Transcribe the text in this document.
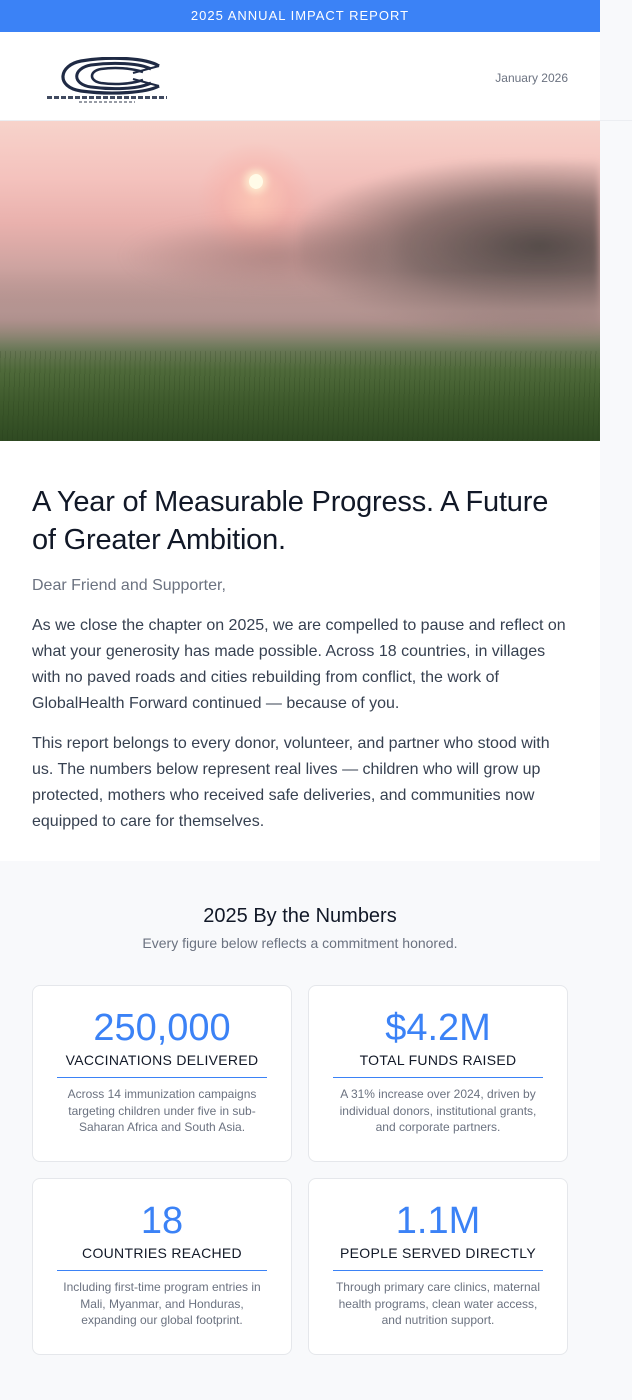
2025 ANNUAL IMPACT REPORT
January 2026
A Year of Measurable Progress. A Future of Greater Ambition.

Dear Friend and Supporter,

As we close the chapter on 2025, we are compelled to pause and reflect on what your generosity has made possible. Across 18 countries, in villages with no paved roads and cities rebuilding from conflict, the work of GlobalHealth Forward continued — because of you.

This report belongs to every donor, volunteer, and partner who stood with us. The numbers below represent real lives — children who will grow up protected, mothers who received safe deliveries, and communities now equipped to care for themselves.

2025 By the Numbers

Every figure below reflects a commitment honored.

250,000
VACCINATIONS DELIVERED
Across 14 immunization campaigns targeting children under five in sub-Saharan Africa and South Asia.
$4.2M
TOTAL FUNDS RAISED
A 31% increase over 2024, driven by individual donors, institutional grants, and corporate partners.
18
COUNTRIES REACHED
Including first-time program entries in Mali, Myanmar, and Honduras, expanding our global footprint.
1.1M
PEOPLE SERVED DIRECTLY
Through primary care clinics, maternal health programs, clean water access, and nutrition support.
